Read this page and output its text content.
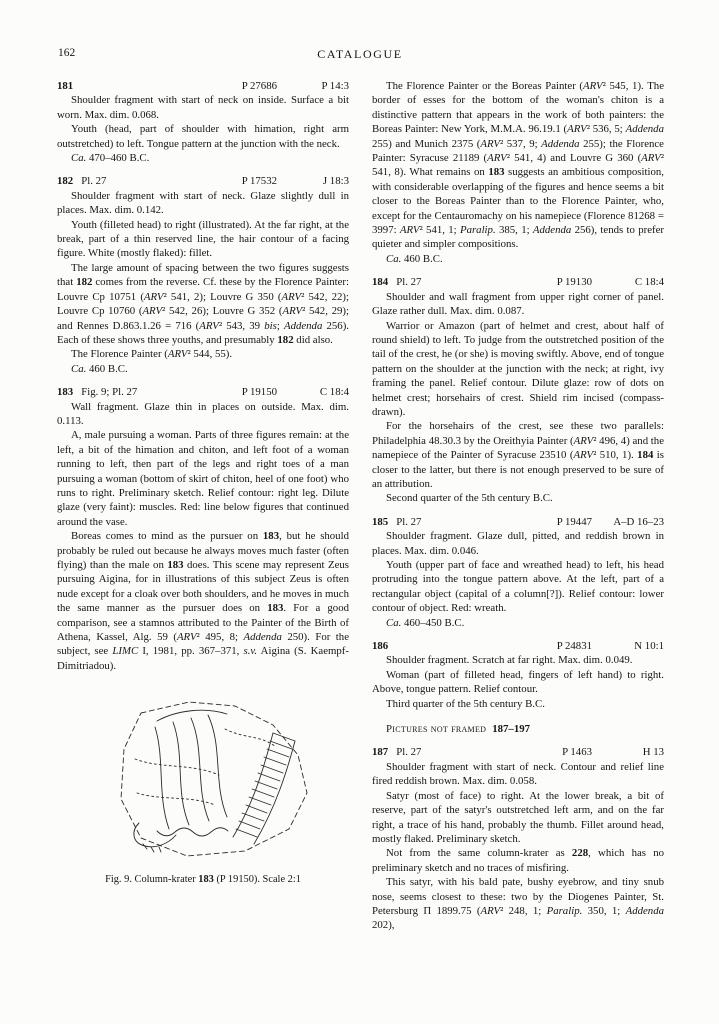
162	CATALOGUE
181	P 27686	P 14:3

Shoulder fragment with start of neck on inside. Surface a bit worn. Max. dim. 0.068.

Youth (head, part of shoulder with himation, right arm outstretched) to left. Tongue pattern at the junction with the neck.

Ca. 470–460 B.C.

182 Pl. 27	P 17532	J 18:3

Shoulder fragment with start of neck. Glaze slightly dull in places. Max. dim. 0.142.

Youth (filleted head) to right (illustrated). At the far right, at the break, part of a thin reserved line, the hair contour of a facing figure. White (mostly flaked): fillet.

The large amount of spacing between the two figures suggests that 182 comes from the reverse. Cf. these by the Florence Painter: Louvre Cp 10751 (ARV² 541, 2); Louvre G 350 (ARV² 542, 22); Louvre Cp 10760 (ARV² 542, 26); Louvre G 352 (ARV² 542, 29); and Rennes D.863.1.26 = 716 (ARV² 543, 39 bis; Addenda 256). Each of these shows three youths, and presumably 182 did also.

The Florence Painter (ARV² 544, 55).

Ca. 460 B.C.

183 Fig. 9; Pl. 27	P 19150	C 18:4

Wall fragment. Glaze thin in places on outside. Max. dim. 0.113.

A, male pursuing a woman. Parts of three figures remain: at the left, a bit of the himation and chiton, and left foot of a woman running to left, then part of the legs and right toes of a man pursuing a woman (bottom of skirt of chiton, heel of one foot) who runs to right. Preliminary sketch. Relief contour: right leg. Dilute glaze (very faint): muscles. Red: line below figures that continued around the vase.

Boreas comes to mind as the pursuer on 183, but he should probably be ruled out because he always moves much faster (often flying) than the male on 183 does. This scene may represent Zeus pursuing Aigina, for in illustrations of this subject Zeus is often nude except for a cloak over both shoulders, and he moves in much the same manner as the pursuer does on 183. For a good comparison, see a stamnos attributed to the Painter of the Birth of Athena, Kassel, Alg. 59 (ARV² 495, 8; Addenda 250). For the subject, see LIMC I, 1981, pp. 367–371, s.v. Aigina (S. Kaempf-Dimitriadou).

Fig. 9. Column-krater 183 (P 19150). Scale 2:1

The Florence Painter or the Boreas Painter (ARV² 545, 1). The border of esses for the bottom of the woman's chiton is a distinctive pattern that appears in the work of both painters: the Boreas Painter: New York, M.M.A. 96.19.1 (ARV² 536, 5; Addenda 255) and Munich 2375 (ARV² 537, 9; Addenda 255); the Florence Painter: Syracuse 21189 (ARV² 541, 4) and Louvre G 360 (ARV² 541, 8). What remains on 183 suggests an ambitious composition, with considerable overlapping of the figures and hence seems a bit closer to the Boreas Painter than to the Florence Painter, who, except for the Centauromachy on his namepiece (Florence 81268 = 3997: ARV² 541, 1; Paralip. 385, 1; Addenda 256), tends to prefer quieter and simpler compositions.

Ca. 460 B.C.

184 Pl. 27	P 19130	C 18:4

Shoulder and wall fragment from upper right corner of panel. Glaze rather dull. Max. dim. 0.087.

Warrior or Amazon (part of helmet and crest, about half of round shield) to left. To judge from the outstretched position of the tail of the crest, he (or she) is moving swiftly. Above, end of tongue pattern on the shoulder at the junction with the neck; at right, ivy framing the panel. Relief contour. Dilute glaze: row of dots on helmet crest; horsehairs of crest. Shield rim incised (compass-drawn).

For the horsehairs of the crest, see these two parallels: Philadelphia 48.30.3 by the Oreithyia Painter (ARV² 496, 4) and the namepiece of the Painter of Syracuse 23510 (ARV² 510, 1). 184 is closer to the latter, but there is not enough preserved to be sure of an attribution.

Second quarter of the 5th century B.C.

185 Pl. 27	P 19447	A–D 16–23

Shoulder fragment. Glaze dull, pitted, and reddish brown in places. Max. dim. 0.046.

Youth (upper part of face and wreathed head) to left, his head protruding into the tongue pattern above. At the left, part of a rectangular object (capital of a column[?]). Relief contour: lower contour of object. Red: wreath.

Ca. 460–450 B.C.

186	P 24831	N 10:1

Shoulder fragment. Scratch at far right. Max. dim. 0.049.

Woman (part of filleted head, fingers of left hand) to right. Above, tongue pattern. Relief contour.

Third quarter of the 5th century B.C.

Pictures not framed 187–197
187 Pl. 27	P 1463	H 13

Shoulder fragment with start of neck. Contour and relief line fired reddish brown. Max. dim. 0.058.

Satyr (most of face) to right. At the lower break, a bit of reserve, part of the satyr's outstretched left arm, and on the far right, a trace of his hand, probably the thumb. Fillet around head, mostly flaked. Preliminary sketch.

Not from the same column-krater as 228, which has no preliminary sketch and no traces of misfiring.

This satyr, with his bald pate, bushy eyebrow, and tiny snub nose, seems closest to these: two by the Diogenes Painter, St. Petersburg Π 1899.75 (ARV² 248, 1; Paralip. 350, 1; Addenda 202),
